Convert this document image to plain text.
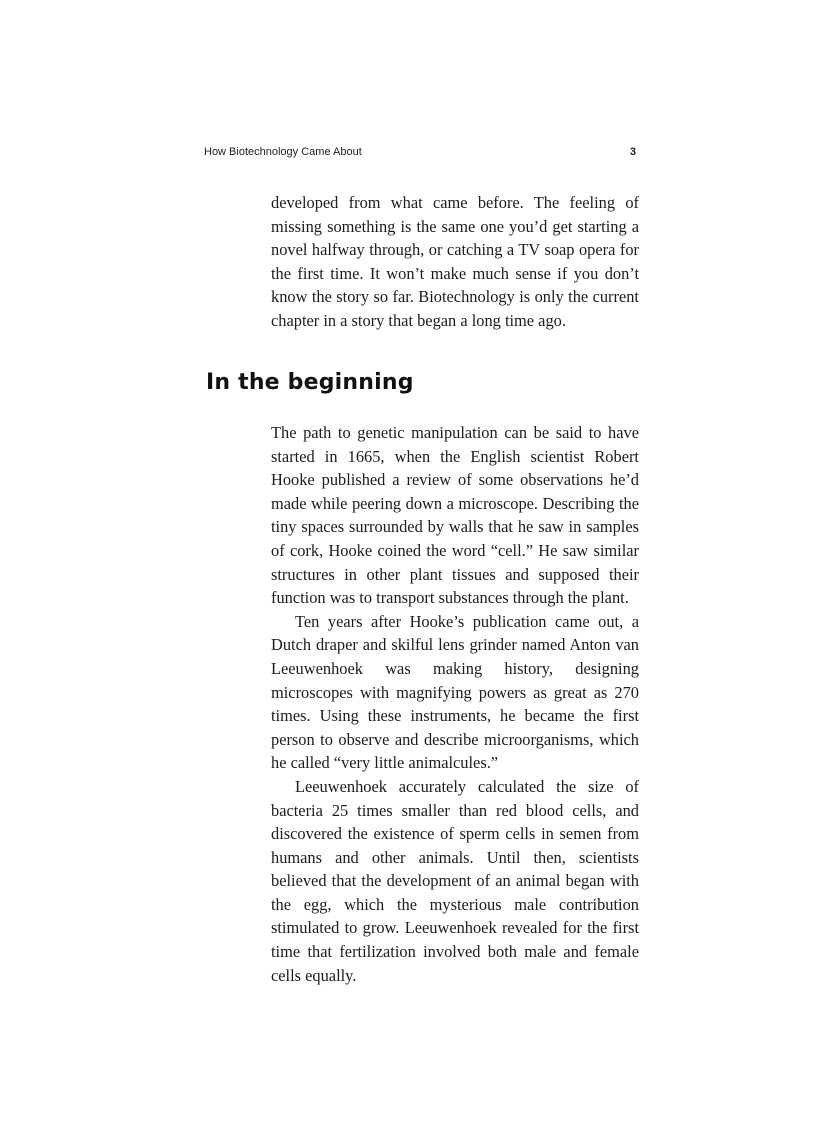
How Biotechnology Came About	3

developed from what came before. The feeling of missing something is the same one you’d get starting a novel halfway through, or catching a TV soap opera for the first time. It won’t make much sense if you don’t know the story so far. Biotechnology is only the current chapter in a story that began a long time ago.

In the beginning

The path to genetic manipulation can be said to have started in 1665, when the English scientist Robert Hooke published a review of some observations he’d made while peering down a microscope. Describing the tiny spaces surrounded by walls that he saw in samples of cork, Hooke coined the word “cell.” He saw similar structures in other plant tissues and supposed their function was to transport substances through the plant.

Ten years after Hooke’s publication came out, a Dutch draper and skilful lens grinder named Anton van Leeuwenhoek was making history, designing microscopes with magnifying powers as great as 270 times. Using these instruments, he became the first person to observe and describe microorganisms, which he called “very little animalcules.”

Leeuwenhoek accurately calculated the size of bacteria 25 times smaller than red blood cells, and discovered the existence of sperm cells in semen from humans and other animals. Until then, scientists believed that the development of an animal began with the egg, which the mysterious male contribution stimulated to grow. Leeuwenhoek revealed for the first time that fertilization involved both male and female cells equally.
